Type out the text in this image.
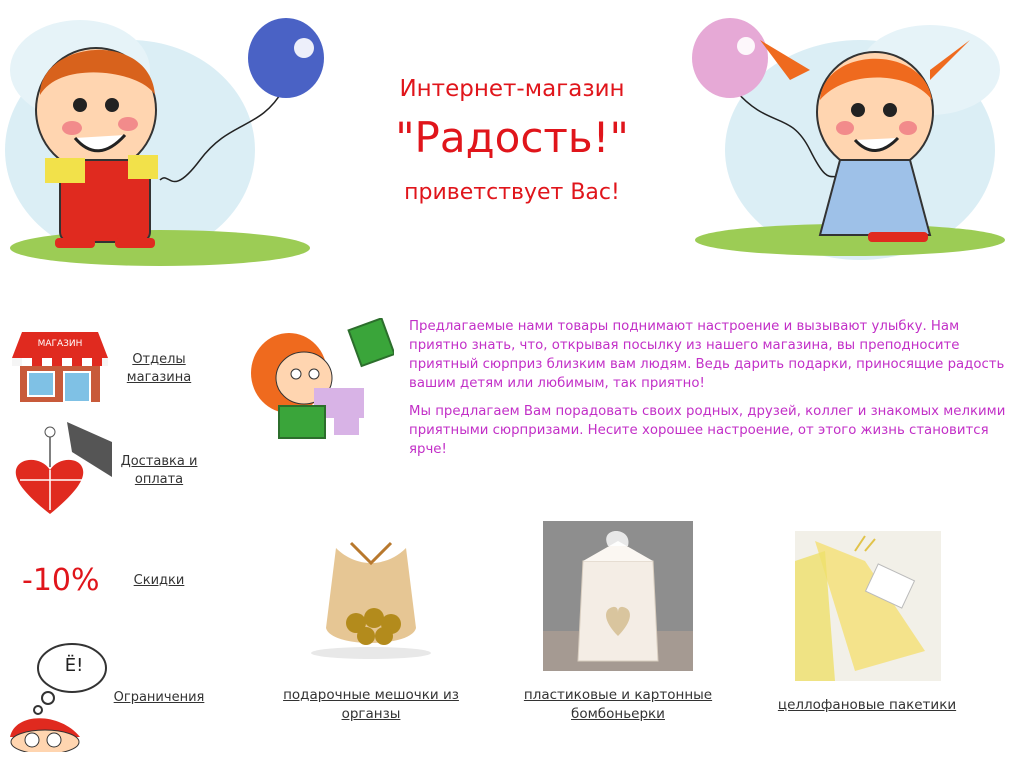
Интернет-магазин
"Радость!"
приветствует Вас!
МАГАЗИН
Отделы магазина
Доставка и оплата
-10%	Скидки
Ё!
Ограничения

Предлагаемые нами товары поднимают настроение и вызывают улыбку. Нам приятно знать, что, открывая посылку из нашего магазина, вы преподносите приятный сюрприз близким вам людям. Ведь дарить подарки, приносящие радость вашим детям или любимым, так приятно!

Мы предлагаем Вам порадовать своих родных, друзей, коллег и знакомых мелкими приятными сюрпризами. Несите хорошее настроение, от этого жизнь становится ярче!

подарочные мешочки из органзы
пластиковые и картонные бомбоньерки
целлофановые пакетики
